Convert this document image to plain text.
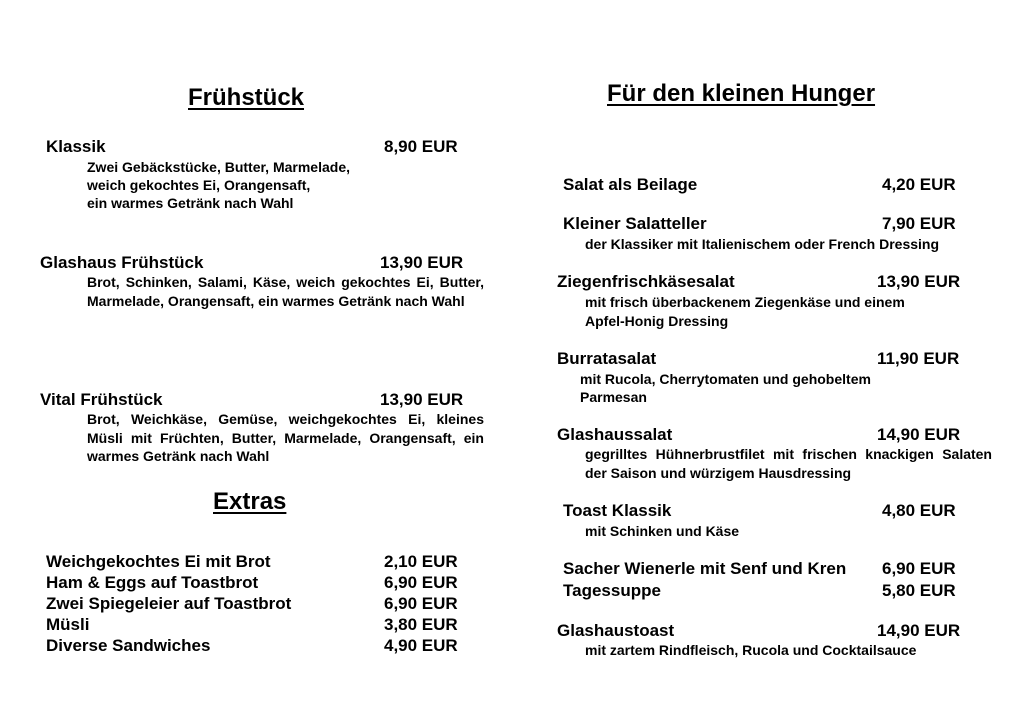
Frühstück
Klassik	8,90 EUR
Zwei Gebäckstücke, Butter, Marmelade,
weich gekochtes Ei, Orangensaft,
ein warmes Getränk nach Wahl
Glashaus Frühstück	13,90 EUR
Brot, Schinken, Salami, Käse, weich gekochtes Ei, Butter, Marmelade, Orangensaft, ein warmes Getränk nach Wahl
Vital Frühstück	13,90 EUR
Brot, Weichkäse, Gemüse, weichgekochtes Ei, kleines Müsli mit Früchten, Butter, Marmelade, Orangensaft, ein warmes Getränk nach Wahl
Extras
Weichgekochtes Ei mit Brot	2,10 EUR
Ham & Eggs auf Toastbrot	6,90 EUR
Zwei Spiegeleier auf Toastbrot	6,90 EUR
Müsli	3,80 EUR
Diverse Sandwiches	4,90 EUR
Für den kleinen Hunger
Salat als Beilage	4,20 EUR
Kleiner Salatteller	7,90 EUR
der Klassiker mit Italienischem oder French Dressing
Ziegenfrischkäsesalat	13,90 EUR
mit frisch überbackenem Ziegenkäse und einem
Apfel-Honig Dressing
Burratasalat	11,90 EUR
mit Rucola, Cherrytomaten und gehobeltem
Parmesan
Glashaussalat	14,90 EUR
gegrilltes Hühnerbrustfilet mit frischen knackigen Salaten der Saison und würzigem Hausdressing
Toast Klassik	4,80 EUR
mit Schinken und Käse
Sacher Wienerle mit Senf und Kren 6,90 EUR
Tagessuppe	5,80 EUR
Glashaustoast	14,90 EUR
mit zartem Rindfleisch, Rucola und Cocktailsauce
